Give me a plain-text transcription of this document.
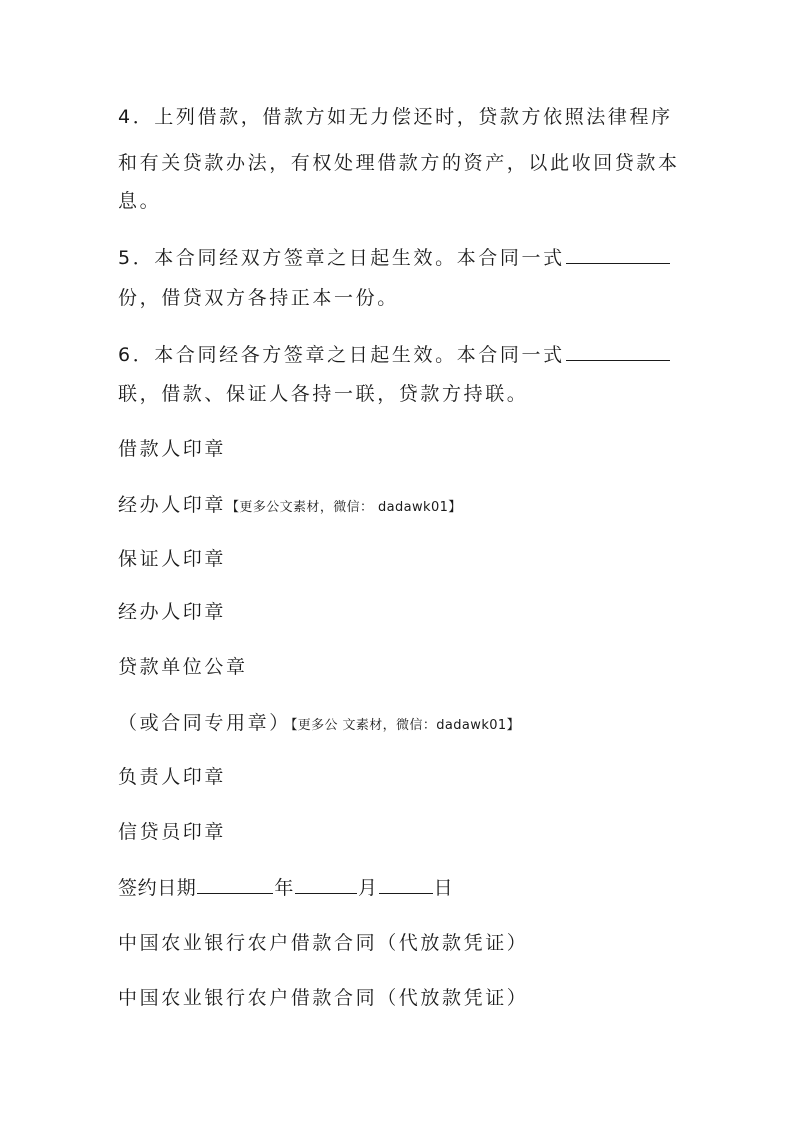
4．上列借款，借款方如无力偿还时，贷款方依照法律程序
和有关贷款办法，有权处理借款方的资产，以此收回贷款本
息。
5．本合同经双方签章之日起生效。本合同一式
份，借贷双方各持正本一份。
6．本合同经各方签章之日起生效。本合同一式
联，借款、保证人各持一联，贷款方持联。
借款人印章
经办人印章【更多公文素材，微信： dadawk01】
保证人印章
经办人印章
贷款单位公章
（或合同专用章）【更多公 文素材，微信：dadawk01】
负责人印章
信贷员印章
签约日期	年	月	日
中国农业银行农户借款合同（代放款凭证）
中国农业银行农户借款合同（代放款凭证）
